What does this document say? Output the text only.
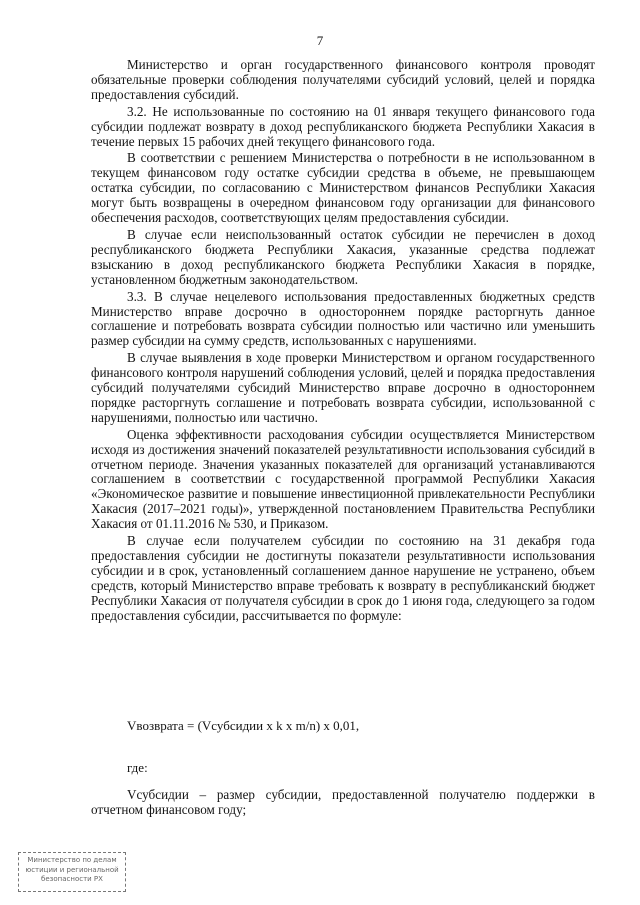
7

Министерство и орган государственного финансового контроля проводят обязательные проверки соблюдения получателями субсидий условий, целей и порядка предоставления субсидий.

3.2. Не использованные по состоянию на 01 января текущего финансового года субсидии подлежат возврату в доход республиканского бюджета Республики Хакасия в течение первых 15 рабочих дней текущего финансового года.

В соответствии с решением Министерства о потребности в не использованном в текущем финансовом году остатке субсидии средства в объеме, не превышающем остатка субсидии, по согласованию с Министерством финансов Республики Хакасия могут быть возвращены в очередном финансовом году организации для финансового обеспечения расходов, соответствующих целям предоставления субсидии.

В случае если неиспользованный остаток субсидии не перечислен в доход республиканского бюджета Республики Хакасия, указанные средства подлежат взысканию в доход республиканского бюджета Республики Хакасия в порядке, установленном бюджетным законодательством.

3.3. В случае нецелевого использования предоставленных бюджетных средств Министерство вправе досрочно в одностороннем порядке расторгнуть данное соглашение и потребовать возврата субсидии полностью или частично или уменьшить размер субсидии на сумму средств, использованных с нарушениями.

В случае выявления в ходе проверки Министерством и органом государственного финансового контроля нарушений соблюдения условий, целей и порядка предоставления субсидий получателями субсидий Министерство вправе досрочно в одностороннем порядке расторгнуть соглашение и потребовать возврата субсидии, использованной с нарушениями, полностью или частично.

Оценка эффективности расходования субсидии осуществляется Министерством исходя из достижения значений показателей результативности использования субсидий в отчетном периоде. Значения указанных показателей для организаций устанавливаются соглашением в соответствии с государственной программой Республики Хакасия «Экономическое развитие и повышение инвестиционной привлекательности Республики Хакасия (2017–2021 годы)», утвержденной постановлением Правительства Республики Хакасия от 01.11.2016 № 530, и Приказом.

В случае если получателем субсидии по состоянию на 31 декабря года предоставления субсидии не достигнуты показатели результативности использования субсидии и в срок, установленный соглашением данное нарушение не устранено, объем средств, который Министерство вправе требовать к возврату в республиканский бюджет Республики Хакасия от получателя субсидии в срок до 1 июня года, следующего за годом предоставления субсидии, рассчитывается по формуле:

Vвозврата = (Vсубсидии x k x m/n) x 0,01,
где:
Vсубсидии – размер субсидии, предоставленной получателю поддержки в отчетном финансовом году;
Министерство по делам
юстиции и региональной
безопасности РХ
